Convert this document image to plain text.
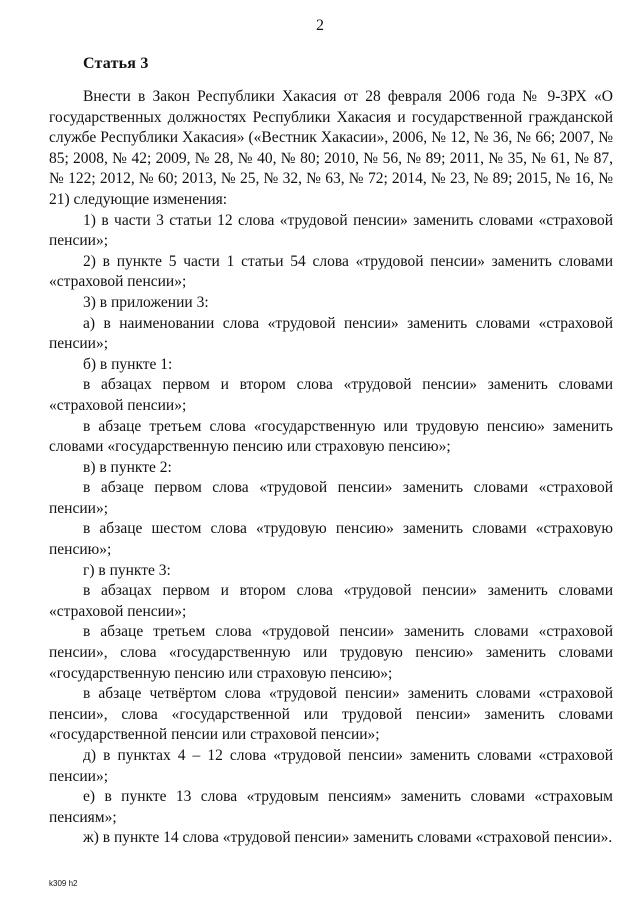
2
Статья 3

Внести в Закон Республики Хакасия от 28 февраля 2006 года № 9-ЗРХ «О государственных должностях Республики Хакасия и государственной гражданской службе Республики Хакасия» («Вестник Хакасии», 2006, № 12, № 36, № 66; 2007, № 85; 2008, № 42; 2009, № 28, № 40, № 80; 2010, № 56, № 89; 2011, № 35, № 61, № 87, № 122; 2012, № 60; 2013, № 25, № 32, № 63, № 72; 2014, № 23, № 89; 2015, № 16, № 21) следующие изменения:

1) в части 3 статьи 12 слова «трудовой пенсии» заменить словами «страховой пенсии»;

2) в пункте 5 части 1 статьи 54 слова «трудовой пенсии» заменить словами «страховой пенсии»;

3) в приложении 3:

а) в наименовании слова «трудовой пенсии» заменить словами «страховой пенсии»;

б) в пункте 1:

в абзацах первом и втором слова «трудовой пенсии» заменить словами «страховой пенсии»;

в абзаце третьем слова «государственную или трудовую пенсию» заменить словами «государственную пенсию или страховую пенсию»;

в) в пункте 2:

в абзаце первом слова «трудовой пенсии» заменить словами «страховой пенсии»;

в абзаце шестом слова «трудовую пенсию» заменить словами «страховую пенсию»;

г) в пункте 3:

в абзацах первом и втором слова «трудовой пенсии» заменить словами «страховой пенсии»;

в абзаце третьем слова «трудовой пенсии» заменить словами «страховой пенсии», слова «государственную или трудовую пенсию» заменить словами «государственную пенсию или страховую пенсию»;

в абзаце четвёртом слова «трудовой пенсии» заменить словами «страховой пенсии», слова «государственной или трудовой пенсии» заменить словами «государственной пенсии или страховой пенсии»;

д) в пунктах 4 – 12 слова «трудовой пенсии» заменить словами «страховой пенсии»;

е) в пункте 13 слова «трудовым пенсиям» заменить словами «страховым пенсиям»;

ж) в пункте 14 слова «трудовой пенсии» заменить словами «страховой пенсии».

k309 h2
